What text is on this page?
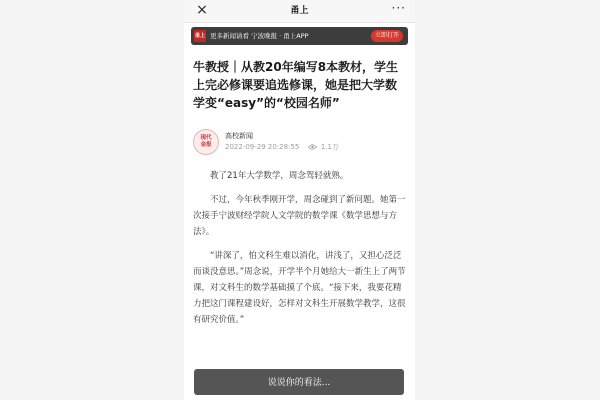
×	甬上	···
甬上 更多新闻请看 宁波晚报 · 甬上APP	立即打开
牛教授｜从教20年编写8本教材，学生上完必修课要追选修课，她是把大学数学变“easy”的“校园名师”
现代
金报
高校新闻
2022-09-29 20:28:55	1.1万

教了21年大学数学，周念驾轻就熟。

不过，今年秋季刚开学，周念碰到了新问题。她第一次接手宁波财经学院人文学院的数学课《数学思想与方法》。

“讲深了，怕文科生难以消化，讲浅了，又担心泛泛而谈没意思。”周念说，开学半个月她给大一新生上了两节课，对文科生的数学基础摸了个底。“接下来，我要花精力把这门课程建设好，怎样对文科生开展数学教学，这很有研究价值。”

说说你的看法...
